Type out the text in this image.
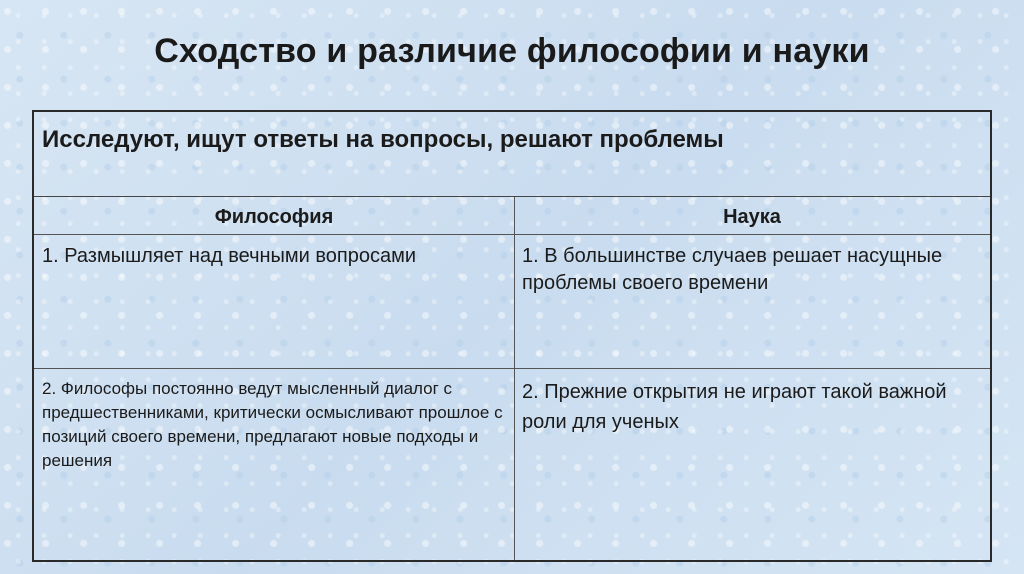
Сходство и различие философии и науки
Исследуют, ищут ответы на вопросы, решают проблемы
Философия	Наука
1. Размышляет над вечными вопросами	1. В большинстве случаев решает насущные проблемы своего времени
2. Философы постоянно ведут мысленный диалог с предшественниками, критически осмысливают прошлое с позиций своего времени, предлагают новые подходы и решения
2. Прежние открытия не играют такой важной роли для ученых
